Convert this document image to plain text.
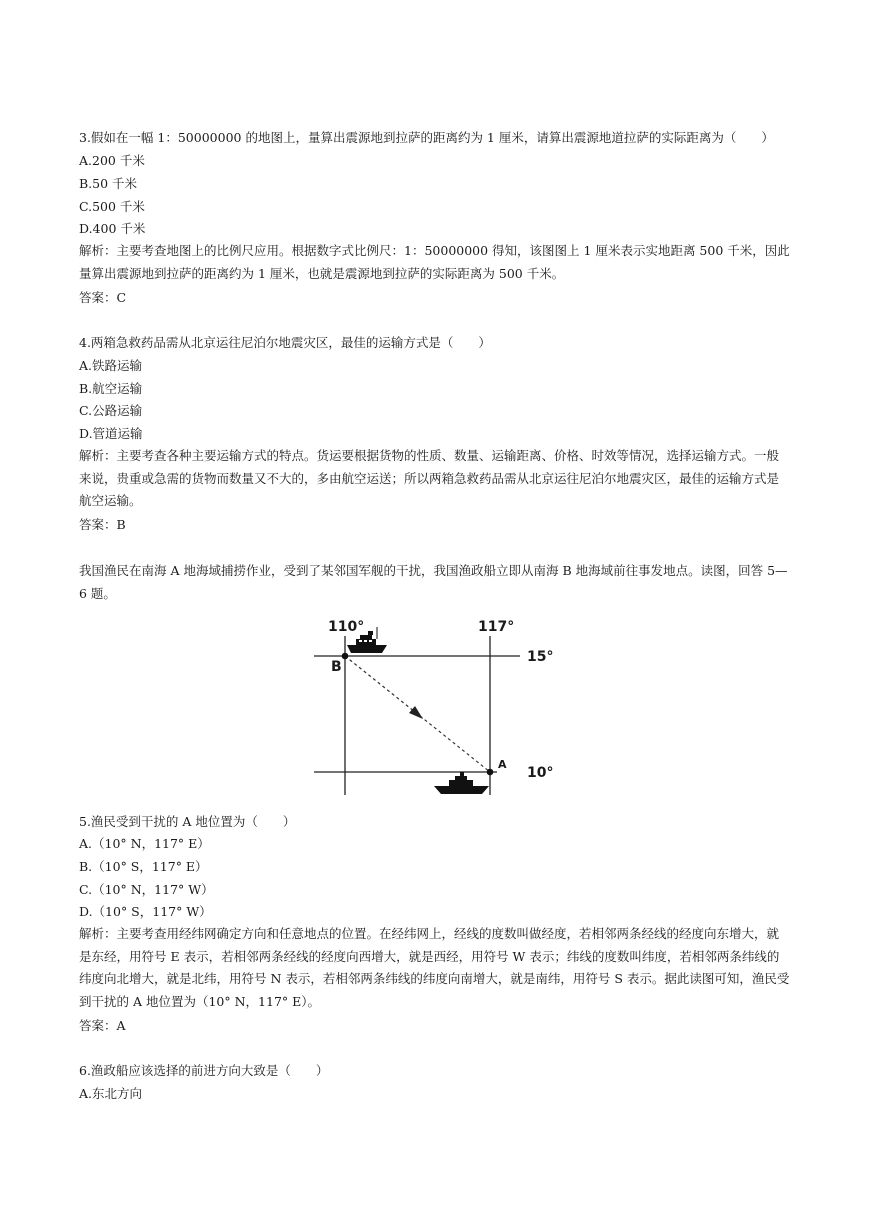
3.假如在一幅 1：50000000 的地图上，量算出震源地到拉萨的距离约为 1 厘米，请算出震源地道拉萨的实际距离为（　　）
A.200 千米
B.50 千米
C.500 千米
D.400 千米
解析：主要考查地图上的比例尺应用。根据数字式比例尺：1：50000000 得知，该图图上 1 厘米表示实地距离 500 千米，因此量算出震源地到拉萨的距离约为 1 厘米，也就是震源地到拉萨的实际距离为 500 千米。
答案：C
4.两箱急救药品需从北京运往尼泊尔地震灾区，最佳的运输方式是（　　）
A.铁路运输
B.航空运输
C.公路运输
D.管道运输
解析：主要考查各种主要运输方式的特点。货运要根据货物的性质、数量、运输距离、价格、时效等情况，选择运输方式。一般来说，贵重或急需的货物而数量又不大的，多由航空运送；所以两箱急救药品需从北京运往尼泊尔地震灾区，最佳的运输方式是航空运输。
答案：B
我国渔民在南海 A 地海域捕捞作业，受到了某邻国军舰的干扰，我国渔政船立即从南海 B 地海域前往事发地点。读图，回答 5—6 题。
110°	117°
15°
10°
B
A
5.渔民受到干扰的 A 地位置为（　　）
A.（10° N，117° E）
B.（10° S，117° E）
C.（10° N，117° W）
D.（10° S，117° W）
解析：主要考查用经纬网确定方向和任意地点的位置。在经纬网上，经线的度数叫做经度，若相邻两条经线的经度向东增大，就是东经，用符号 E 表示，若相邻两条经线的经度向西增大，就是西经，用符号 W 表示；纬线的度数叫纬度，若相邻两条纬线的纬度向北增大，就是北纬，用符号 N 表示，若相邻两条纬线的纬度向南增大，就是南纬，用符号 S 表示。据此读图可知，渔民受到干扰的 A 地位置为（10° N，117° E）。
答案：A
6.渔政船应该选择的前进方向大致是（　　）
A.东北方向
